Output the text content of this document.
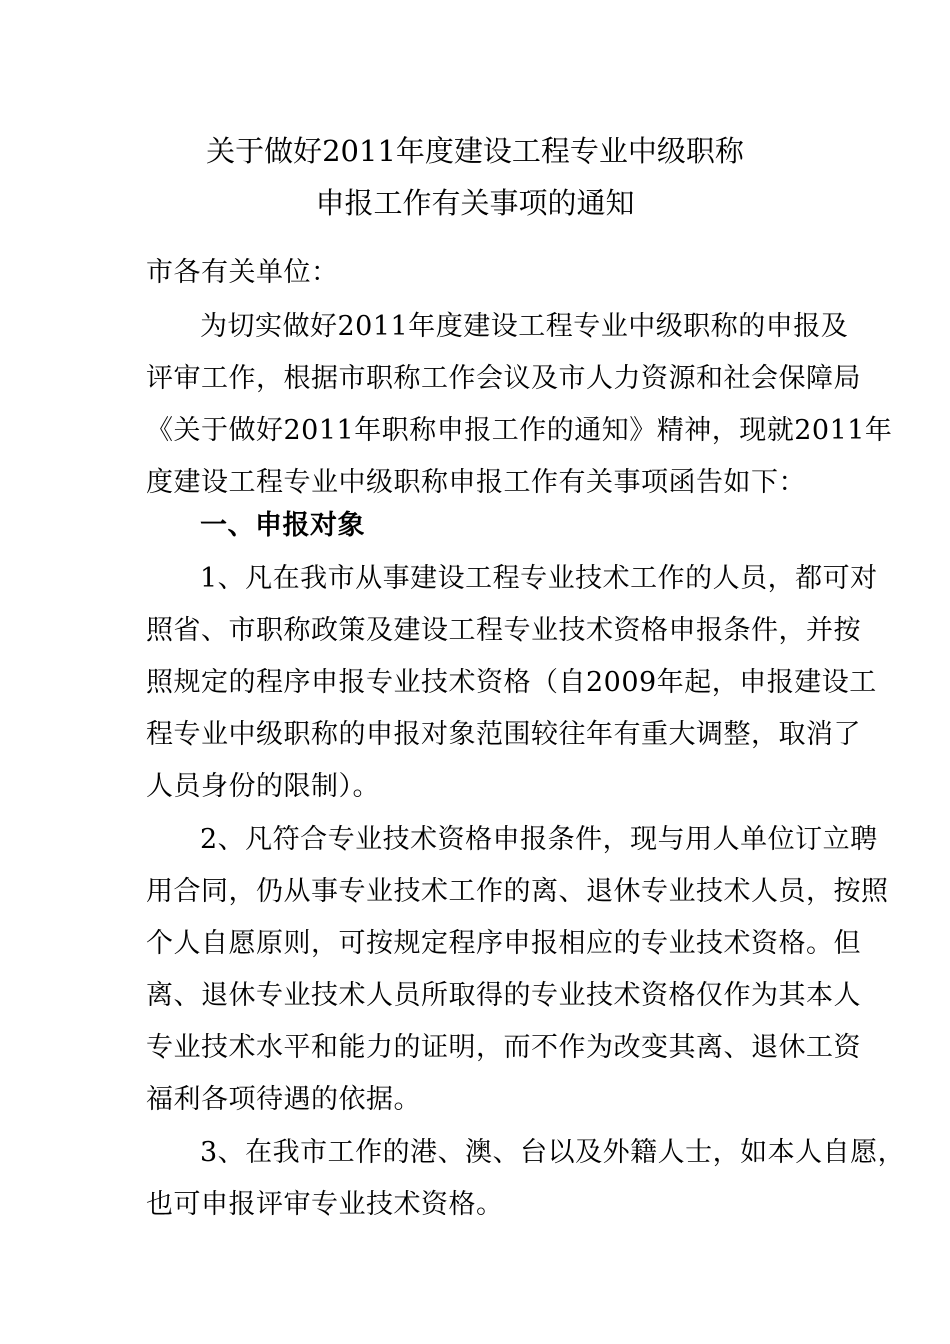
关于做好2011年度建设工程专业中级职称
申报工作有关事项的通知
市各有关单位：
为切实做好2011年度建设工程专业中级职称的申报及
评审工作，根据市职称工作会议及市人力资源和社会保障局
《关于做好2011年职称申报工作的通知》精神，现就2011年
度建设工程专业中级职称申报工作有关事项函告如下：
一、申报对象
1、凡在我市从事建设工程专业技术工作的人员，都可对
照省、市职称政策及建设工程专业技术资格申报条件，并按
照规定的程序申报专业技术资格（自2009年起，申报建设工
程专业中级职称的申报对象范围较往年有重大调整，取消了
人员身份的限制）。
2、凡符合专业技术资格申报条件，现与用人单位订立聘
用合同，仍从事专业技术工作的离、退休专业技术人员，按照
个人自愿原则，可按规定程序申报相应的专业技术资格。但
离、退休专业技术人员所取得的专业技术资格仅作为其本人
专业技术水平和能力的证明，而不作为改变其离、退休工资
福利各项待遇的依据。
3、在我市工作的港、澳、台以及外籍人士，如本人自愿，
也可申报评审专业技术资格。
